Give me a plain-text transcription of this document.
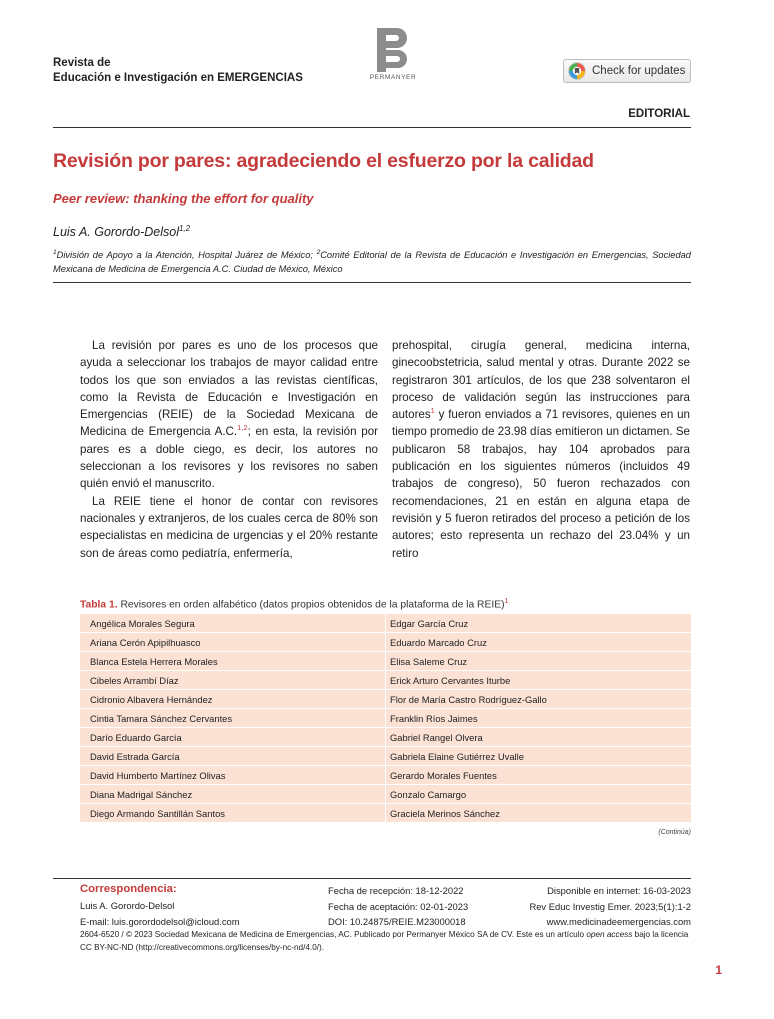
Revista de
Educación e Investigación en EMERGENCIAS	PERMANYER
Check for updates
EDITORIAL
Revisión por pares: agradeciendo el esfuerzo por la calidad
Peer review: thanking the effort for quality
Luis A. Gorordo-Delsol$^{1,2}$
$^1$División de Apoyo a la Atención, Hospital Juárez de México; $^2$Comité Editorial de la Revista de Educación e Investigación en Emergencias, Sociedad Mexicana de Medicina de Emergencia A.C. Ciudad de México, México

La revisión por pares es uno de los procesos que ayuda a seleccionar los trabajos de mayor calidad entre todos los que son enviados a las revistas científicas, como la Revista de Educación e Investigación en Emergencias (REIE) de la Sociedad Mexicana de Medicina de Emergencia A.C.$^{1,2}$; en esta, la revisión por pares es a doble ciego, es decir, los autores no seleccionan a los revisores y los revisores no saben quién envió el manuscrito.

La REIE tiene el honor de contar con revisores nacionales y extranjeros, de los cuales cerca de 80% son especialistas en medicina de urgencias y el 20% restante son de áreas como pediatría, enfermería,

prehospital, cirugía general, medicina interna, ginecoobstetricia, salud mental y otras. Durante 2022 se registraron 301 artículos, de los que 238 solventaron el proceso de validación según las instrucciones para autores$^1$ y fueron enviados a 71 revisores, quienes en un tiempo promedio de 23.98 días emitieron un dictamen. Se publicaron 58 trabajos, hay 104 aprobados para publicación en los siguientes números (incluidos 49 trabajos de congreso), 50 fueron rechazados con recomendaciones, 21 en están en alguna etapa de revisión y 5 fueron retirados del proceso a petición de los autores; esto representa un rechazo del 23.04% y un retiro

Tabla 1. Revisores en orden alfabético (datos propios obtenidos de la plataforma de la REIE)$^1$
Angélica Morales Segura	Edgar García Cruz
Ariana Cerón Apipilhuasco	Eduardo Marcado Cruz
Blanca Estela Herrera Morales	Elisa Saleme Cruz
Cibeles Arrambí Díaz	Erick Arturo Cervantes Iturbe
Cidronio Albavera Hernández	Flor de María Castro Rodríguez-Gallo
Cintia Tamara Sánchez Cervantes	Franklin Ríos Jaimes
Darío Eduardo García	Gabriel Rangel Olvera
David Estrada García	Gabriela Elaine Gutiérrez Uvalle
David Humberto Martínez Olivas	Gerardo Morales Fuentes
Diana Madrigal Sánchez	Gonzalo Camargo
Diego Armando Santillán Santos	Graciela Merinos Sánchez
(Continúa)
Correspondencia:
Luis A. Gorordo-Delsol
E-mail: luis.gorordodelsol@icloud.com
Fecha de recepción: 18-12-2022
Fecha de aceptación: 02-01-2023
DOI: 10.24875/REIE.M23000018
Disponible en internet: 16-03-2023
Rev Educ Investig Emer. 2023;5(1):1-2
www.medicinadeemergencias.com
2604-6520 / © 2023 Sociedad Mexicana de Medicina de Emergencias, AC. Publicado por Permanyer México SA de CV. Este es un artículo open access bajo la licencia CC BY-NC-ND (http://creativecommons.org/licenses/by-nc-nd/4.0/).
1
